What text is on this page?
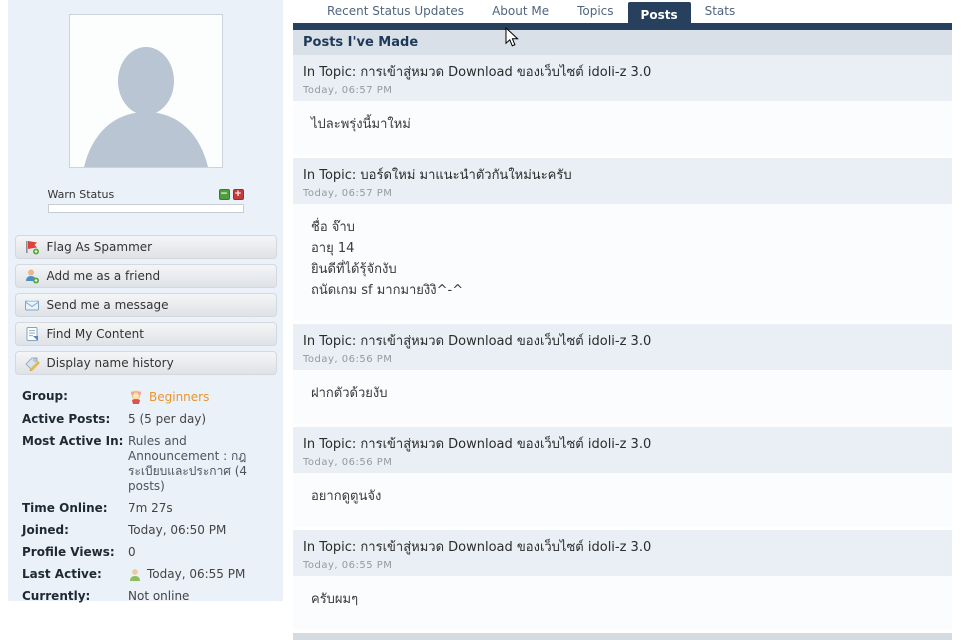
Warn Status	− +
Flag As Spammer
Add me as a friend
Send me a message
Find My Content
Display name history
Group:	Beginners
Active Posts:	5 (5 per day)
Most Active In: Rules and Announcement : กฎระเบียบและประกาศ (4 posts)
Time Online:	7m 27s
Joined:	Today, 06:50 PM
Profile Views:	0
Last Active:	Today, 06:55 PM
Currently:	Not online
Recent Status Updates	About Me	Topics	Posts	Stats
Posts I've Made
In Topic: การเข้าสู่หมวด Download ของเว็บไซต์ idoli-z 3.0
Today, 06:57 PM
ไปละพรุ่งนี้มาใหม่
In Topic: บอร์ดใหม่ มาแนะนำตัวกันใหม่นะครับ
Today, 06:57 PM
ชื่อ จ๊าบ
อายุ 14
ยินดีที่ได้รุ้จักงับ
ถนัดเกม sf มากมายงิงิ^-^
In Topic: การเข้าสู่หมวด Download ของเว็บไซต์ idoli-z 3.0
Today, 06:56 PM
ฝากตัวด้วยงับ
In Topic: การเข้าสู่หมวด Download ของเว็บไซต์ idoli-z 3.0
Today, 06:56 PM
อยากดูตูนจัง
In Topic: การเข้าสู่หมวด Download ของเว็บไซต์ idoli-z 3.0
Today, 06:55 PM
ครับผมๆ
